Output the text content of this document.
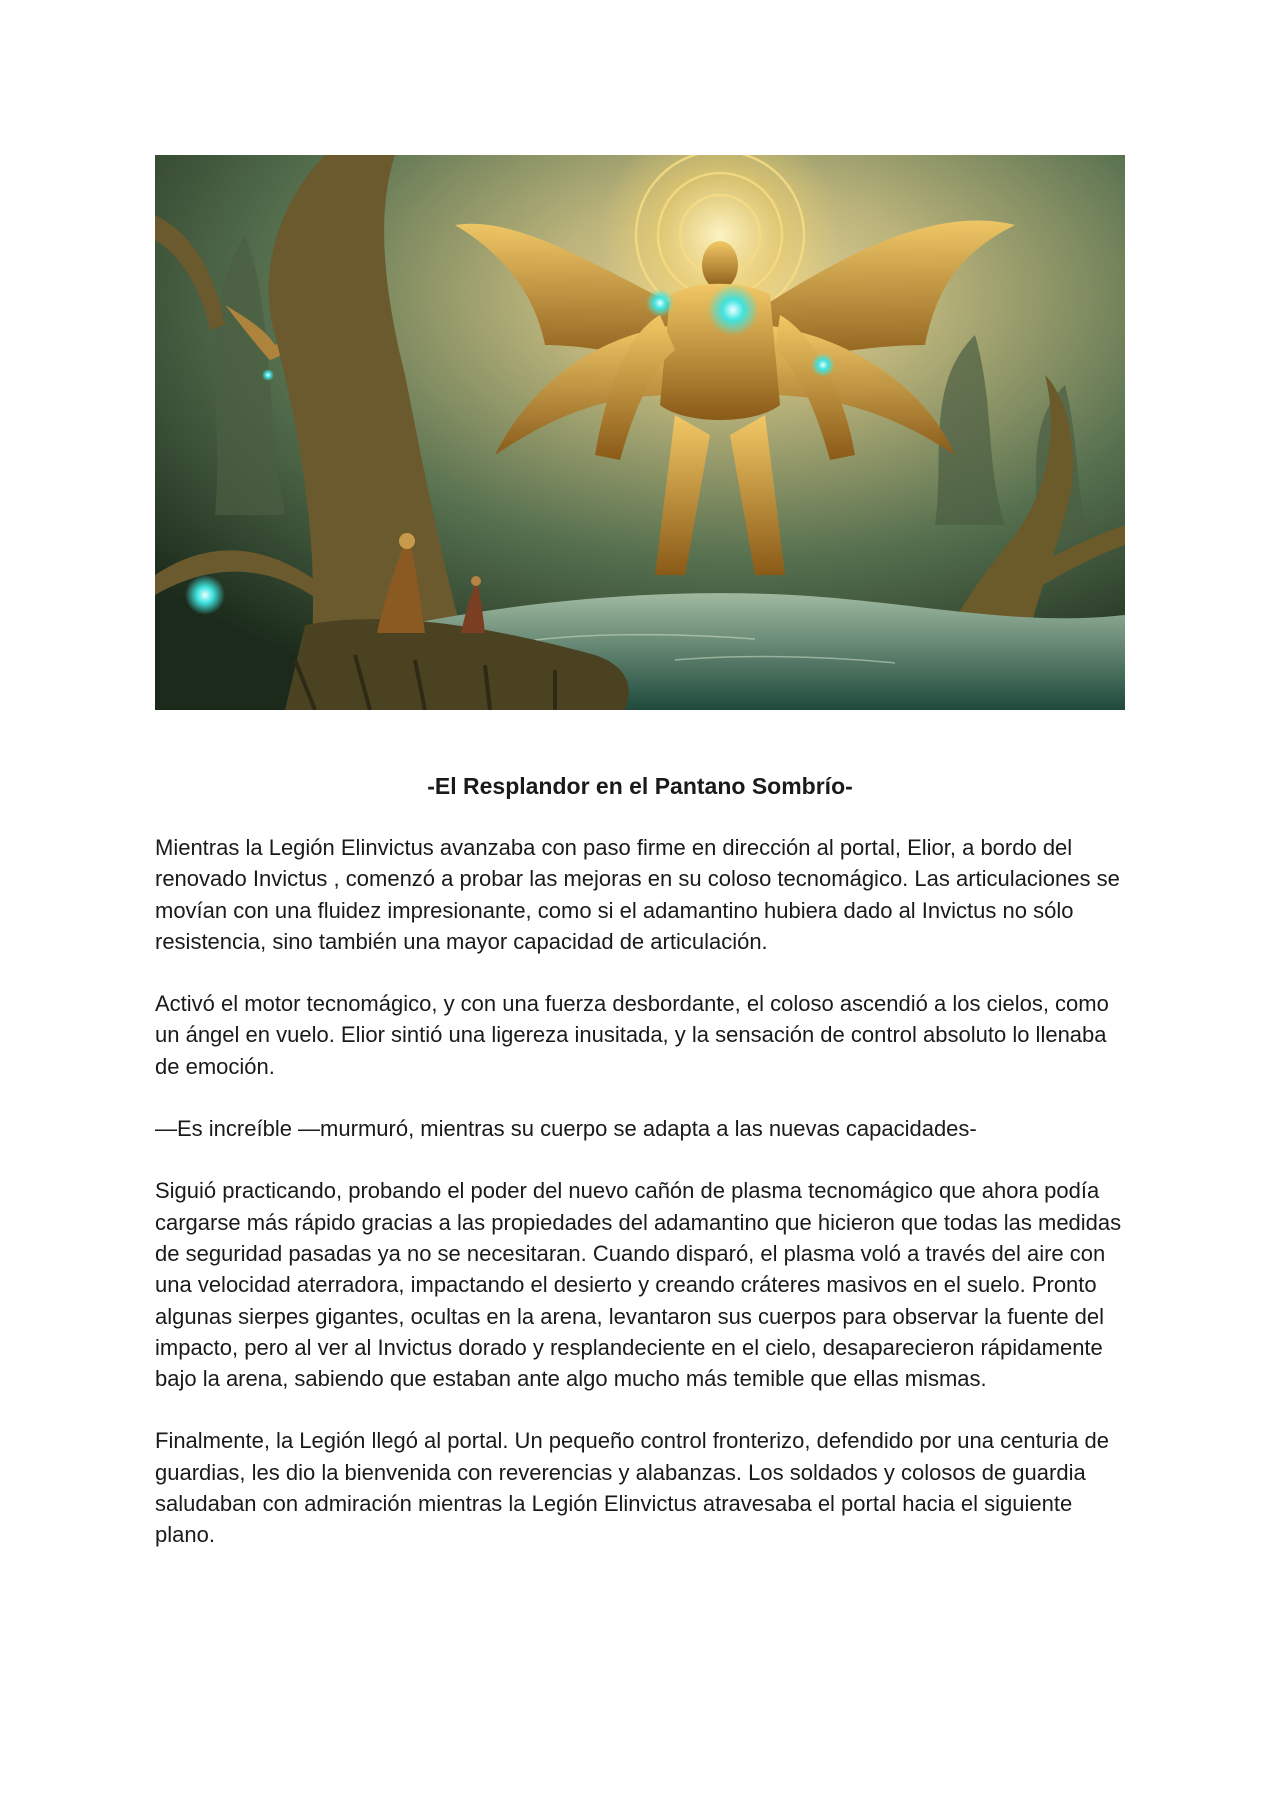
-El Resplandor en el Pantano Sombrío-

Mientras la Legión Elinvictus avanzaba con paso firme en dirección al portal, Elior, a bordo del renovado Invictus , comenzó a probar las mejoras en su coloso tecnomágico. Las articulaciones se movían con una fluidez impresionante, como si el adamantino hubiera dado al Invictus no sólo resistencia, sino también una mayor capacidad de articulación.

Activó el motor tecnomágico, y con una fuerza desbordante, el coloso ascendió a los cielos, como un ángel en vuelo. Elior sintió una ligereza inusitada, y la sensación de control absoluto lo llenaba de emoción.

—Es increíble —murmuró, mientras su cuerpo se adapta a las nuevas capacidades-

Siguió practicando, probando el poder del nuevo cañón de plasma tecnomágico que ahora podía cargarse más rápido gracias a las propiedades del adamantino que hicieron que todas las medidas de seguridad pasadas ya no se necesitaran. Cuando disparó, el plasma voló a través del aire con una velocidad aterradora, impactando el desierto y creando cráteres masivos en el suelo. Pronto algunas sierpes gigantes, ocultas en la arena, levantaron sus cuerpos para observar la fuente del impacto, pero al ver al Invictus dorado y resplandeciente en el cielo, desaparecieron rápidamente bajo la arena, sabiendo que estaban ante algo mucho más temible que ellas mismas.

Finalmente, la Legión llegó al portal. Un pequeño control fronterizo, defendido por una centuria de guardias, les dio la bienvenida con reverencias y alabanzas. Los soldados y colosos de guardia saludaban con admiración mientras la Legión Elinvictus atravesaba el portal hacia el siguiente plano.
